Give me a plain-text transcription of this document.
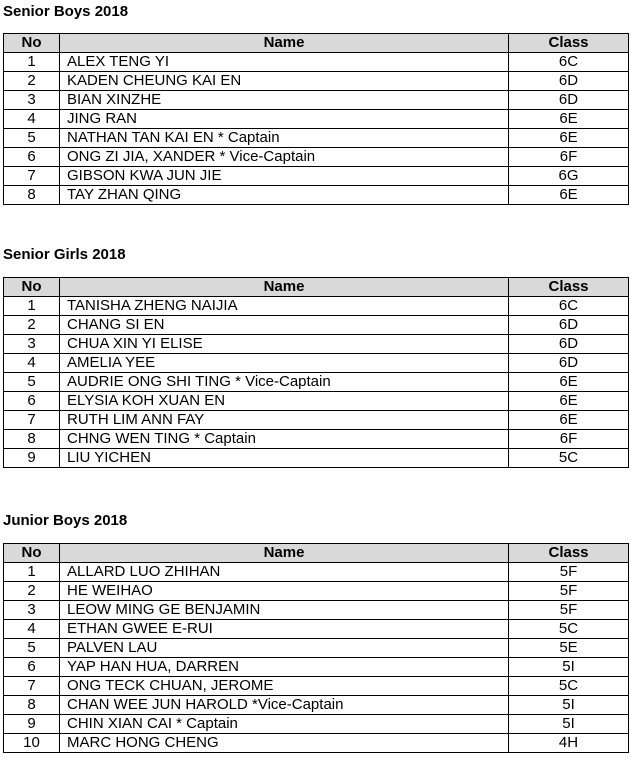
Senior Boys 2018
No	Name	Class
1	ALEX TENG YI	6C
2	KADEN CHEUNG KAI EN	6D
3	BIAN XINZHE	6D
4	JING RAN	6E
5	NATHAN TAN KAI EN * Captain	6E
6	ONG ZI JIA, XANDER * Vice-Captain	6F
7	GIBSON KWA JUN JIE	6G
8	TAY ZHAN QING	6E
Senior Girls 2018
No	Name	Class
1	TANISHA ZHENG NAIJIA	6C
2	CHANG SI EN	6D
3	CHUA XIN YI ELISE	6D
4	AMELIA YEE	6D
5	AUDRIE ONG SHI TING * Vice-Captain	6E
6	ELYSIA KOH XUAN EN	6E
7	RUTH LIM ANN FAY	6E
8	CHNG WEN TING * Captain	6F
9	LIU YICHEN	5C
Junior Boys 2018
No	Name	Class
1	ALLARD LUO ZHIHAN	5F
2	HE WEIHAO	5F
3	LEOW MING GE BENJAMIN	5F
4	ETHAN GWEE E-RUI	5C
5	PALVEN LAU	5E
6	YAP HAN HUA, DARREN	5I
7	ONG TECK CHUAN, JEROME	5C
8	CHAN WEE JUN HAROLD *Vice-Captain	5I
9	CHIN XIAN CAI * Captain	5I
10	MARC HONG CHENG	4H
